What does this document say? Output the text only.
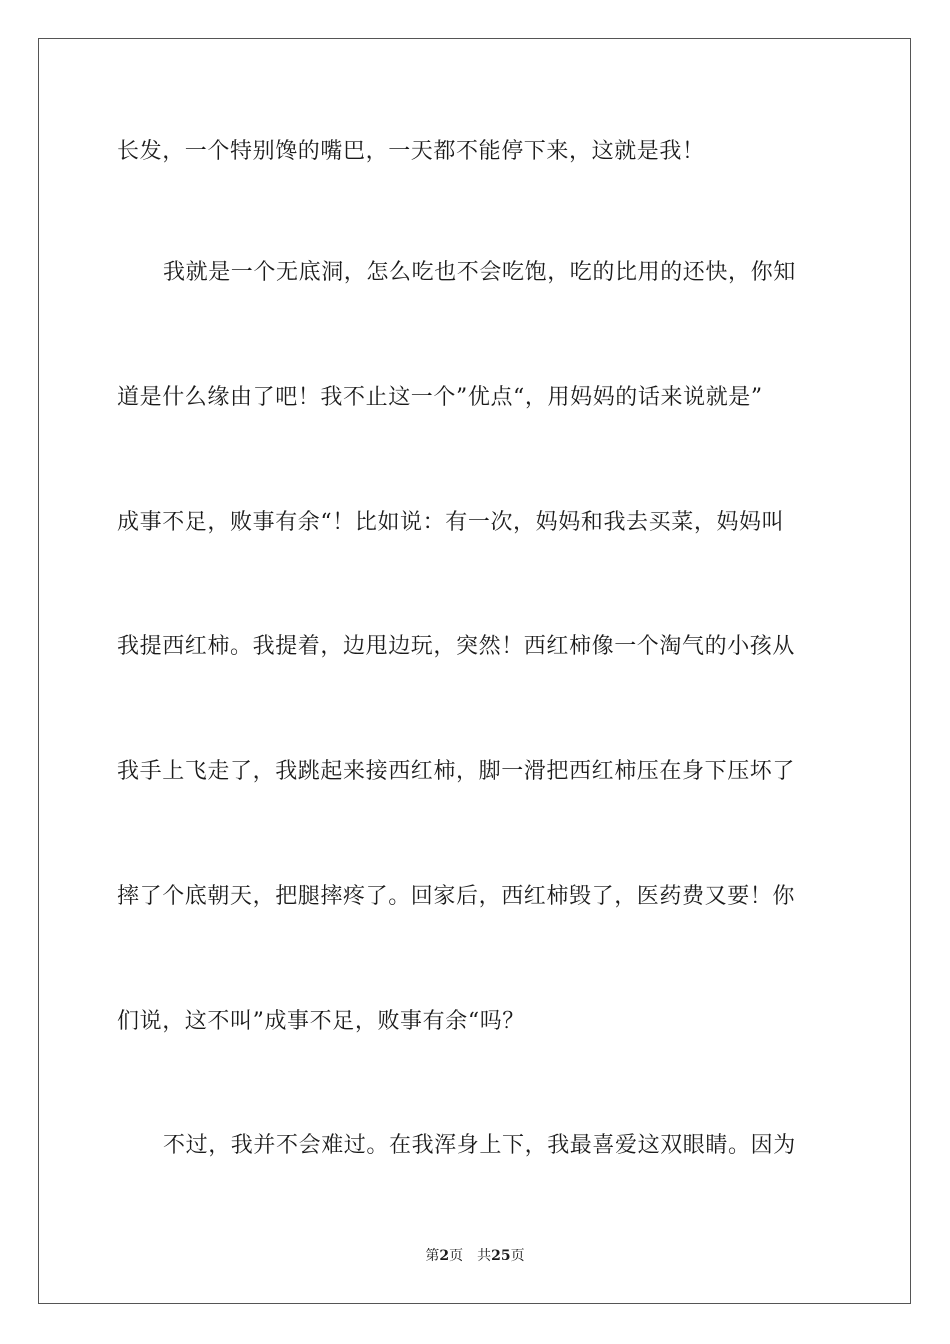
长发，一个特别馋的嘴巴，一天都不能停下来，这就是我！
我就是一个无底洞，怎么吃也不会吃饱，吃的比用的还快，你知
道是什么缘由了吧！我不止这一个”优点“，用妈妈的话来说就是”
成事不足，败事有余“！比如说：有一次，妈妈和我去买菜，妈妈叫
我提西红柿。我提着，边甩边玩，突然！西红柿像一个淘气的小孩从
我手上飞走了，我跳起来接西红柿，脚一滑把西红柿压在身下压坏了
摔了个底朝天，把腿摔疼了。回家后，西红柿毁了，医药费又要！你
们说，这不叫”成事不足，败事有余“吗？
不过，我并不会难过。在我浑身上下，我最喜爱这双眼睛。因为
第2页 共25页
